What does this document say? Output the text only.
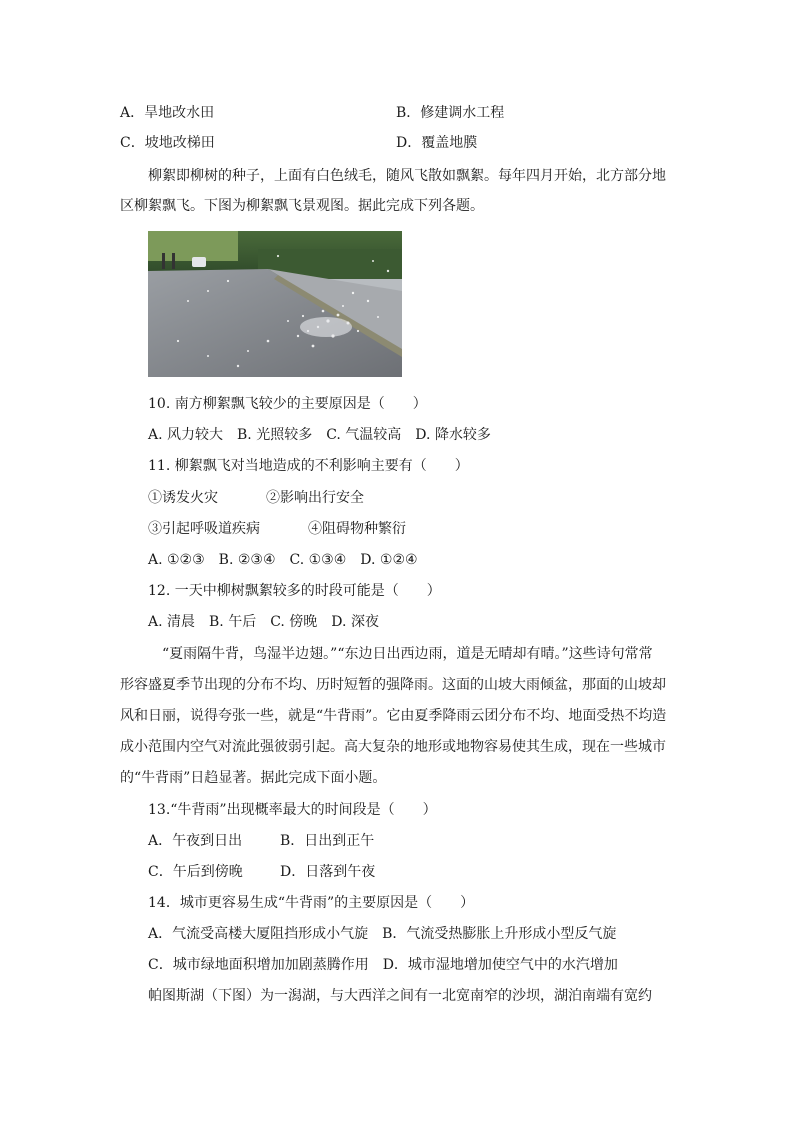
A．旱地改水田	B．修建调水工程
C．坡地改梯田	D．覆盖地膜
柳絮即柳树的种子，上面有白色绒毛，随风飞散如飘絮。每年四月开始，北方部分地
区柳絮飘飞。下图为柳絮飘飞景观图。据此完成下列各题。
10. 南方柳絮飘飞较少的主要原因是（　　）
A. 风力较大　B. 光照较多　C. 气温较高　D. 降水较多
11. 柳絮飘飞对当地造成的不利影响主要有（　　）
①诱发火灾	②影响出行安全
③引起呼吸道疾病	④阻碍物种繁衍
A. ①②③　B. ②③④　C. ①③④　D. ①②④
12. 一天中柳树飘絮较多的时段可能是（　　）
A. 清晨　B. 午后　C. 傍晚　D. 深夜
“夏雨隔牛背，鸟湿半边翅。”“东边日出西边雨，道是无晴却有晴。”这些诗句常常
形容盛夏季节出现的分布不均、历时短暂的强降雨。这面的山坡大雨倾盆，那面的山坡却
风和日丽，说得夸张一些，就是“牛背雨”。它由夏季降雨云团分布不均、地面受热不均造
成小范围内空气对流此强彼弱引起。高大复杂的地形或地物容易使其生成，现在一些城市
的“牛背雨”日趋显著。据此完成下面小题。
13.“牛背雨”出现概率最大的时间段是（　　）
A．午夜到日出	B．日出到正午
C．午后到傍晚	D．日落到午夜
14．城市更容易生成“牛背雨”的主要原因是（　　）
A．气流受高楼大厦阻挡形成小气旋　B．气流受热膨胀上升形成小型反气旋
C．城市绿地面积增加加剧蒸腾作用　D．城市湿地增加使空气中的水汽增加
帕图斯湖（下图）为一潟湖，与大西洋之间有一北宽南窄的沙坝，湖泊南端有宽约
